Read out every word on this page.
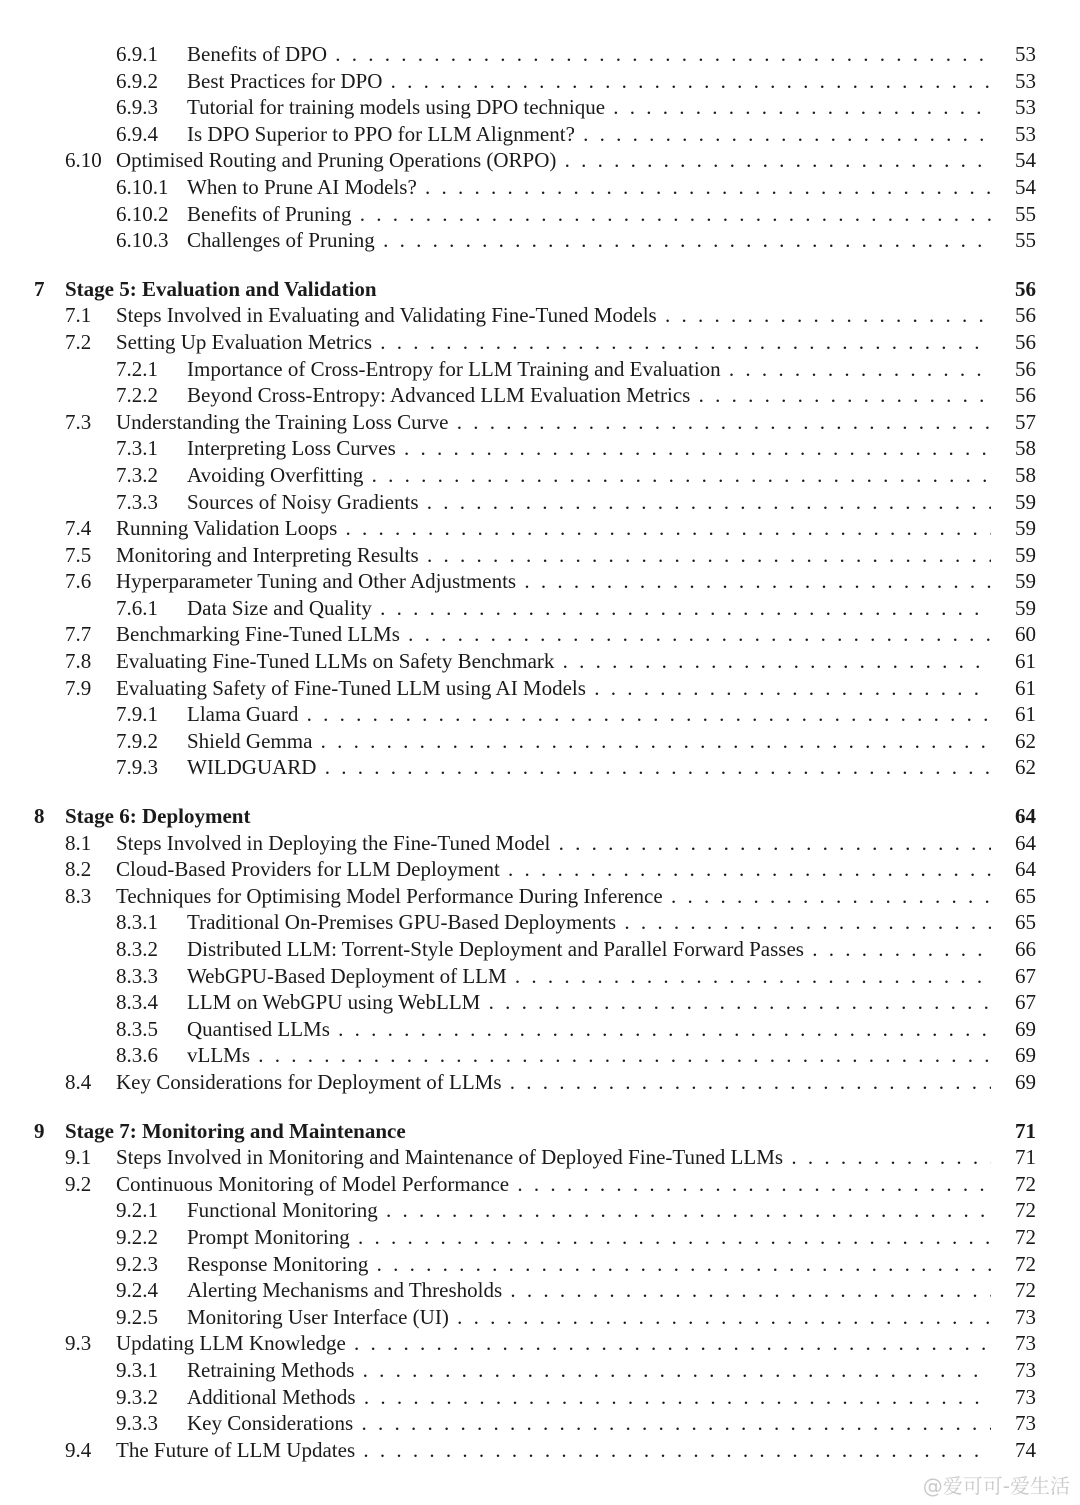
6.9.1 Benefits of DPO . . .	53
6.9.2 Best Practices for DPO . . .	53
6.9.3 Tutorial for training models using DPO technique . . .	53
6.9.4 Is DPO Superior to PPO for LLM Alignment? . . .	53
6.10 Optimised Routing and Pruning Operations (ORPO) . . .	54
6.10.1 When to Prune AI Models? . . .	54
6.10.2 Benefits of Pruning . . .	55
6.10.3 Challenges of Pruning . . .	55
7 Stage 5: Evaluation and Validation	56
7.1 Steps Involved in Evaluating and Validating Fine-Tuned Models . . .	56
7.2 Setting Up Evaluation Metrics . . .	56
7.2.1 Importance of Cross-Entropy for LLM Training and Evaluation . . .	56
7.2.2 Beyond Cross-Entropy: Advanced LLM Evaluation Metrics . . .	56
7.3 Understanding the Training Loss Curve . . .	57
7.3.1 Interpreting Loss Curves . . .	58
7.3.2 Avoiding Overfitting . . .	58
7.3.3 Sources of Noisy Gradients . . .	59
7.4 Running Validation Loops . . .	59
7.5 Monitoring and Interpreting Results . . .	59
7.6 Hyperparameter Tuning and Other Adjustments . . .	59
7.6.1 Data Size and Quality . . .	59
7.7 Benchmarking Fine-Tuned LLMs . . .	60
7.8 Evaluating Fine-Tuned LLMs on Safety Benchmark . . .	61
7.9 Evaluating Safety of Fine-Tuned LLM using AI Models . . .	61
7.9.1 Llama Guard . . .	61
7.9.2 Shield Gemma . . .	62
7.9.3 WILDGUARD . . .	62
8 Stage 6: Deployment	64
8.1 Steps Involved in Deploying the Fine-Tuned Model . . .	64
8.2 Cloud-Based Providers for LLM Deployment . . .	64
8.3 Techniques for Optimising Model Performance During Inference . . .	65
8.3.1 Traditional On-Premises GPU-Based Deployments . . .	65
8.3.2 Distributed LLM: Torrent-Style Deployment and Parallel Forward Passes . . .	66
8.3.3 WebGPU-Based Deployment of LLM . . .	67
8.3.4 LLM on WebGPU using WebLLM . . .	67
8.3.5 Quantised LLMs . . .	69
8.3.6 vLLMs . . .	69
8.4 Key Considerations for Deployment of LLMs . . .	69
9 Stage 7: Monitoring and Maintenance	71
9.1 Steps Involved in Monitoring and Maintenance of Deployed Fine-Tuned LLMs . . .	71
9.2 Continuous Monitoring of Model Performance . . .	72
9.2.1 Functional Monitoring . . .	72
9.2.2 Prompt Monitoring . . .	72
9.2.3 Response Monitoring . . .	72
9.2.4 Alerting Mechanisms and Thresholds . . .	72
9.2.5 Monitoring User Interface (UI) . . .	73
9.3 Updating LLM Knowledge . . .	73
9.3.1 Retraining Methods . . .	73
9.3.2 Additional Methods . . .	73
9.3.3 Key Considerations . . .	73
9.4 The Future of LLM Updates . . .	74
@爱可可-爱生活
